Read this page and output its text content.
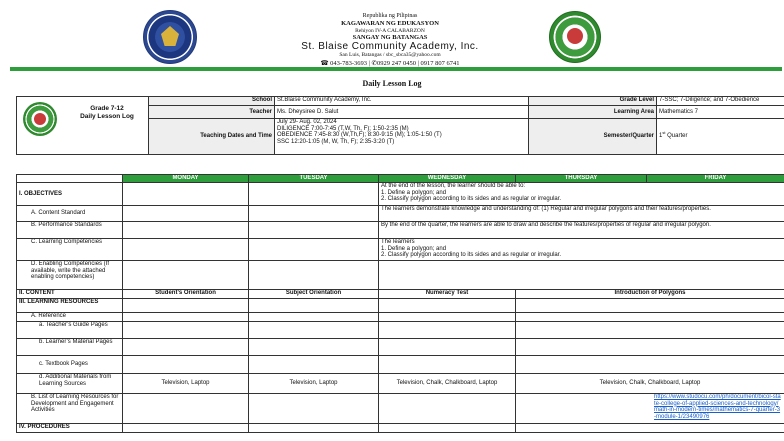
Republika ng Pilipinas
KAGAWARAN NG EDUKASYON
Rehiyon IV-A CALABARZON
SANGAY NG BATANGAS
St. Blaise Community Academy, Inc.
San Luis, Batangas / sbc_sbca35@yahoo.com
☎ 043-783-3693 | ✆0929 247 0450 | 0917 807 6741
Daily Lesson Log
Grade 7-12
Daily Lesson Log	School	St.Blaise Community Academy, Inc.	Grade Level	7-SSC; 7-Diligence; and 7-Obedience
	Teacher	Ms. Dheysiree D. Salut	Learning Area	Mathematics 7
	Teaching Dates and Time	July 29- Aug. 02, 2024
DILIGENCE 7:00-7:45 (T,W, Th, F); 1:50-2:35 (M)
OBEDIENCE 7:45-8:30 (W,Th,F); 8:30-9:15 (M); 1:05-1:50 (T)
SSC 12:20-1:05 (M, W, Th, F); 2:35-3:20 (T)	Semester/Quarter	1st Quarter
	MONDAY	TUESDAY	WEDNESDAY	THURSDAY	FRIDAY
I. OBJECTIVES			At the end of the lesson, the learner should be able to:
1. Define a polygon; and
2. Classify polygon according to its sides and as regular or irregular.		

A. Content Standard			The learners demonstrate knowledge and understanding of: (1) Regular and irregular polygons and their features/properties.		
B. Performance Standards			By the end of the quarter, the learners are able to draw and describe the features/properties of regular and irregular polygon.		
C. Learning Competencies			The learners
1. Define a polygon; and
2. Classify polygon according to its sides and as regular or irregular.		

D. Enabling Competencies (If available, write the attached enabling competencies)					
II. CONTENT	Student’s Orientation	Subject Orientation	Numeracy Test	Introduction of Polygons	
III. LEARNING RESOURCES					
A. Reference					
a. Teacher’s Guide Pages					
b. Learner’s Material Pages					
c. Textbook Pages					
d. Additional Materials from Learning Sources	Television, Laptop	Television, Laptop	Television, Chalk, Chalkboard, Laptop	Television, Chalk, Chalkboard, Laptop	
B. List of Learning Resources for Development and Engagement Activities				https://www.studocu.com/ph/document/bicol-state-college-of-applied-sciences-and-technology/math-in-modern-times/mathematics-7-quarter-3-module-1/23490976	

IV. PROCEDURES					
